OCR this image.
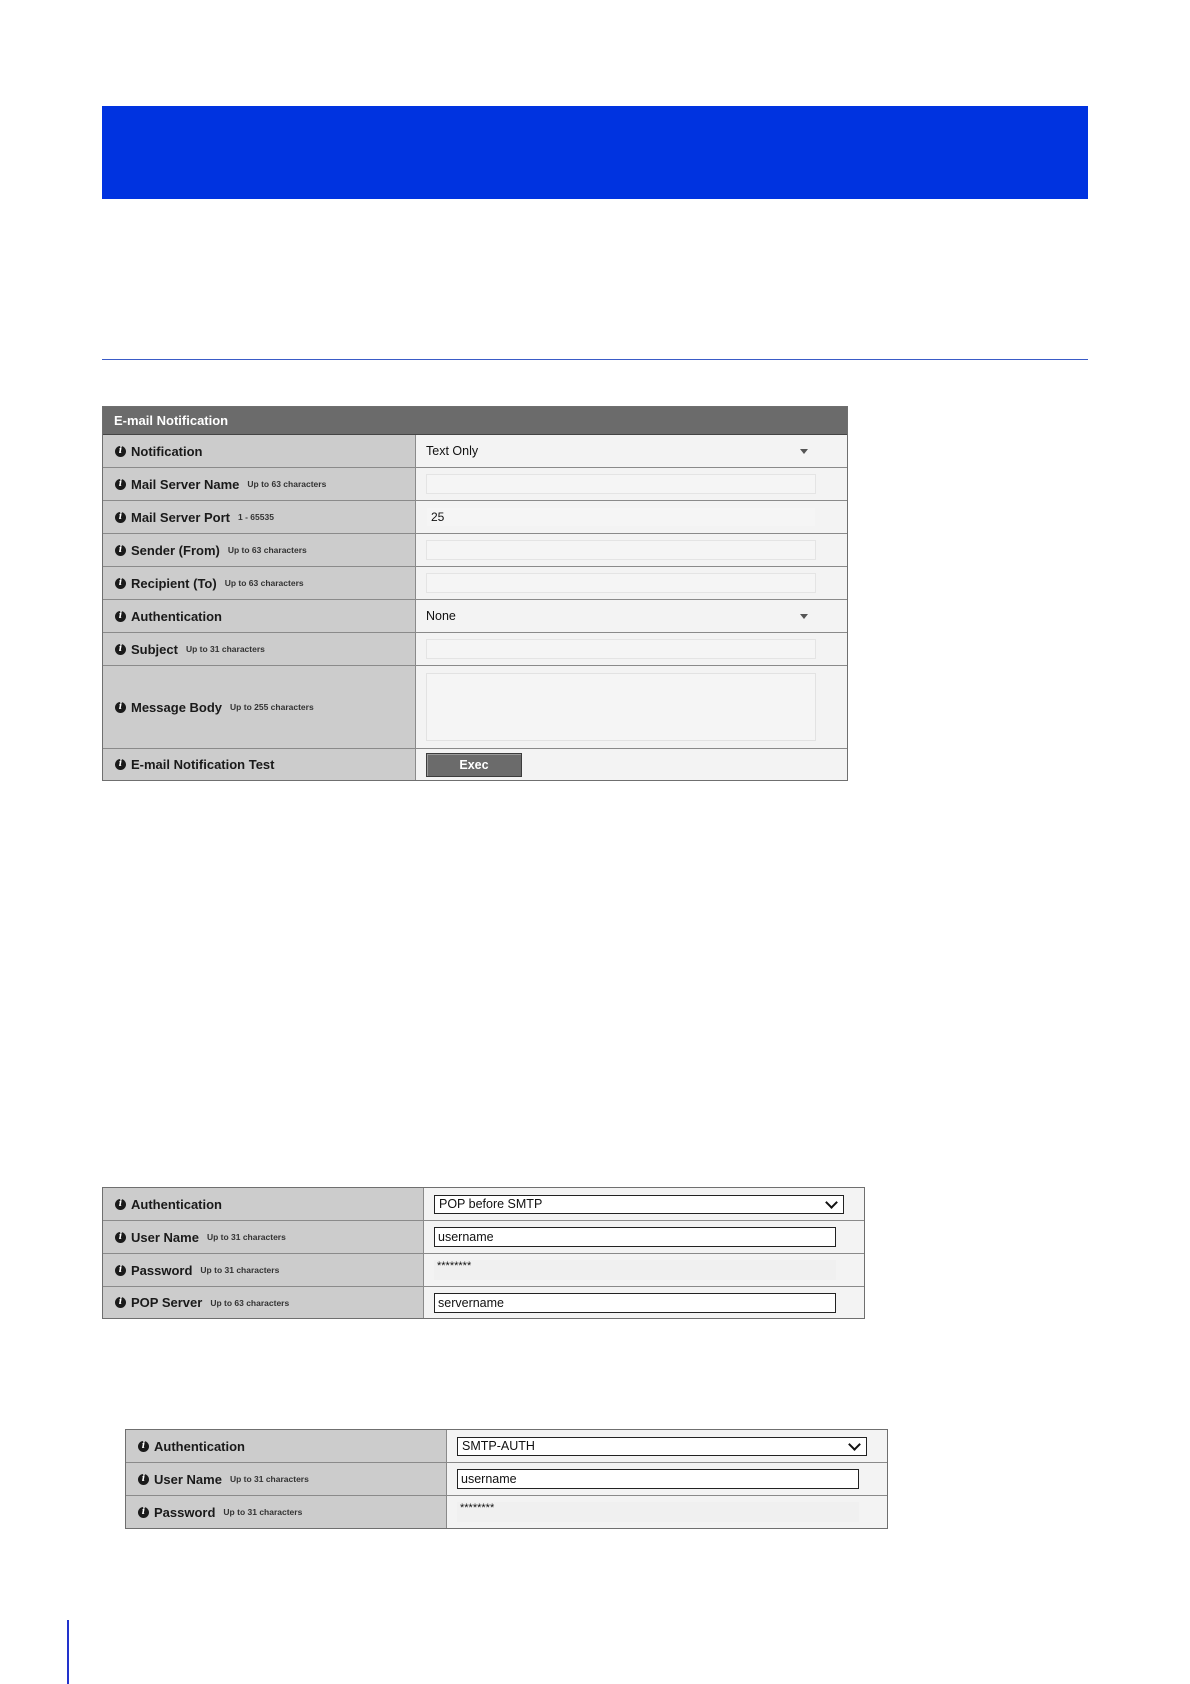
E-mail Notification
i Notification	Text Only
i Mail Server Name Up to 63 characters
i Mail Server Port 1 - 65535	25
i Sender (From) Up to 63 characters
i Recipient (To) Up to 63 characters
i Authentication	None
i Subject Up to 31 characters
i Message Body Up to 255 characters
i E-mail Notification Test	Exec
i Authentication	POP before SMTP
i User Name Up to 31 characters	username
i Password Up to 31 characters	********
i POP Server Up to 63 characters	servername
i Authentication	SMTP-AUTH
i User Name Up to 31 characters	username
i Password Up to 31 characters	********
